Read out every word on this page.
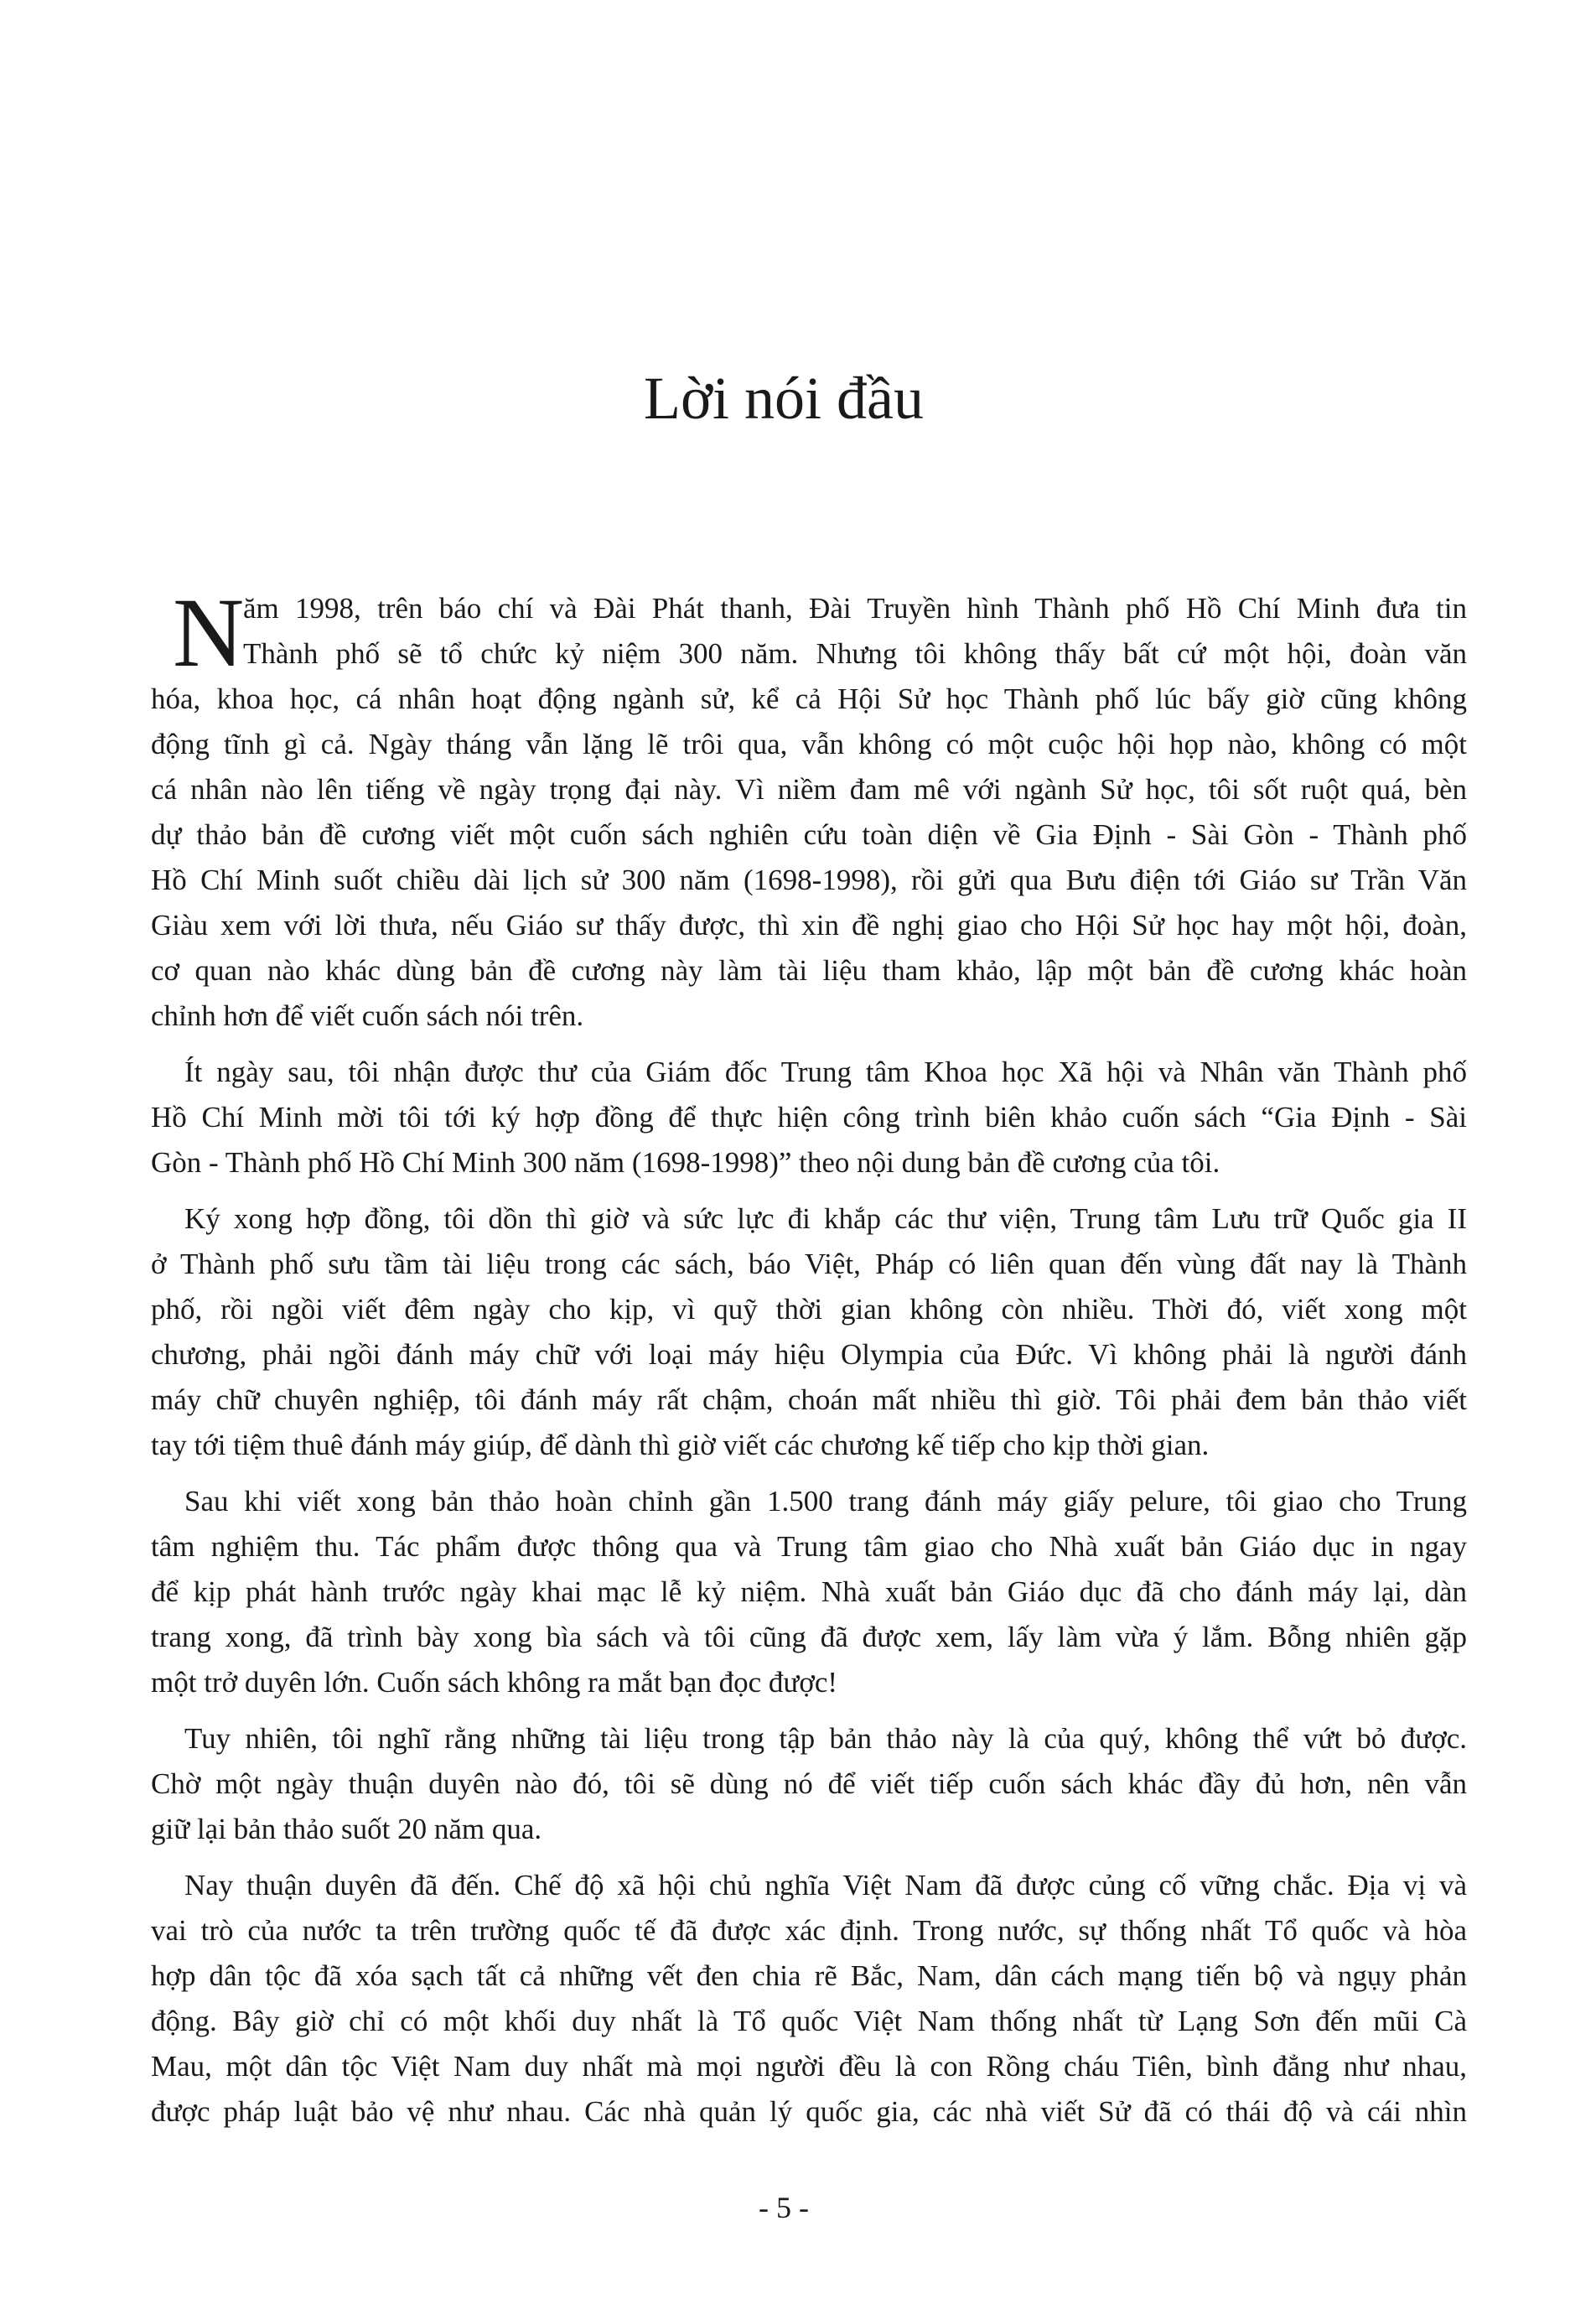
Lời nói đầu
N
ăm 1998, trên báo chí và Đài Phát thanh, Đài Truyền hình Thành phố Hồ Chí Minh đưa tin
Thành phố sẽ tổ chức kỷ niệm 300 năm. Nhưng tôi không thấy bất cứ một hội, đoàn văn
hóa, khoa học, cá nhân hoạt động ngành sử, kể cả Hội Sử học Thành phố lúc bấy giờ cũng không
động tĩnh gì cả. Ngày tháng vẫn lặng lẽ trôi qua, vẫn không có một cuộc hội họp nào, không có một
cá nhân nào lên tiếng về ngày trọng đại này. Vì niềm đam mê với ngành Sử học, tôi sốt ruột quá, bèn
dự thảo bản đề cương viết một cuốn sách nghiên cứu toàn diện về Gia Định - Sài Gòn - Thành phố
Hồ Chí Minh suốt chiều dài lịch sử 300 năm (1698-1998), rồi gửi qua Bưu điện tới Giáo sư Trần Văn
Giàu xem với lời thưa, nếu Giáo sư thấy được, thì xin đề nghị giao cho Hội Sử học hay một hội, đoàn,
cơ quan nào khác dùng bản đề cương này làm tài liệu tham khảo, lập một bản đề cương khác hoàn
chỉnh hơn để viết cuốn sách nói trên.
Ít ngày sau, tôi nhận được thư của Giám đốc Trung tâm Khoa học Xã hội và Nhân văn Thành phố
Hồ Chí Minh mời tôi tới ký hợp đồng để thực hiện công trình biên khảo cuốn sách “Gia Định - Sài
Gòn - Thành phố Hồ Chí Minh 300 năm (1698-1998)” theo nội dung bản đề cương của tôi.
Ký xong hợp đồng, tôi dồn thì giờ và sức lực đi khắp các thư viện, Trung tâm Lưu trữ Quốc gia II
ở Thành phố sưu tầm tài liệu trong các sách, báo Việt, Pháp có liên quan đến vùng đất nay là Thành
phố, rồi ngồi viết đêm ngày cho kịp, vì quỹ thời gian không còn nhiều. Thời đó, viết xong một
chương, phải ngồi đánh máy chữ với loại máy hiệu Olympia của Đức. Vì không phải là người đánh
máy chữ chuyên nghiệp, tôi đánh máy rất chậm, choán mất nhiều thì giờ. Tôi phải đem bản thảo viết
tay tới tiệm thuê đánh máy giúp, để dành thì giờ viết các chương kế tiếp cho kịp thời gian.
Sau khi viết xong bản thảo hoàn chỉnh gần 1.500 trang đánh máy giấy pelure, tôi giao cho Trung
tâm nghiệm thu. Tác phẩm được thông qua và Trung tâm giao cho Nhà xuất bản Giáo dục in ngay
để kịp phát hành trước ngày khai mạc lễ kỷ niệm. Nhà xuất bản Giáo dục đã cho đánh máy lại, dàn
trang xong, đã trình bày xong bìa sách và tôi cũng đã được xem, lấy làm vừa ý lắm. Bỗng nhiên gặp
một trở duyên lớn. Cuốn sách không ra mắt bạn đọc được!
Tuy nhiên, tôi nghĩ rằng những tài liệu trong tập bản thảo này là của quý, không thể vứt bỏ được.
Chờ một ngày thuận duyên nào đó, tôi sẽ dùng nó để viết tiếp cuốn sách khác đầy đủ hơn, nên vẫn
giữ lại bản thảo suốt 20 năm qua.
Nay thuận duyên đã đến. Chế độ xã hội chủ nghĩa Việt Nam đã được củng cố vững chắc. Địa vị và
vai trò của nước ta trên trường quốc tế đã được xác định. Trong nước, sự thống nhất Tổ quốc và hòa
hợp dân tộc đã xóa sạch tất cả những vết đen chia rẽ Bắc, Nam, dân cách mạng tiến bộ và ngụy phản
động. Bây giờ chỉ có một khối duy nhất là Tổ quốc Việt Nam thống nhất từ Lạng Sơn đến mũi Cà
Mau, một dân tộc Việt Nam duy nhất mà mọi người đều là con Rồng cháu Tiên, bình đẳng như nhau,
được pháp luật bảo vệ như nhau. Các nhà quản lý quốc gia, các nhà viết Sử đã có thái độ và cái nhìn
- 5 -
